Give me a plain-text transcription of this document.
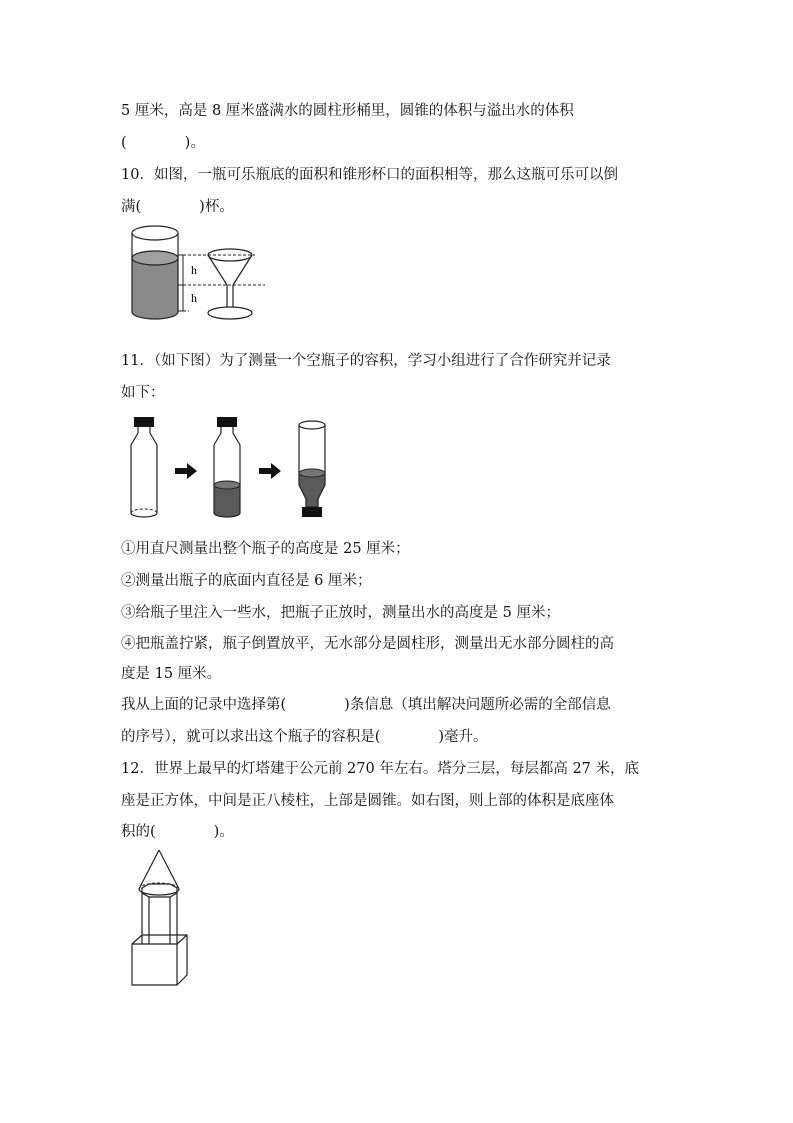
5 厘米，高是 8 厘米盛满水的圆柱形桶里，圆锥的体积与溢出水的体积
(　　　　)。
10．如图，一瓶可乐瓶底的面积和锥形杯口的面积相等，那么这瓶可乐可以倒
满(　　　　)杯。
h
h
11．（如下图）为了测量一个空瓶子的容积，学习小组进行了合作研究并记录
如下：
①用直尺测量出整个瓶子的高度是 25 厘米；
②测量出瓶子的底面内直径是 6 厘米；
③给瓶子里注入一些水，把瓶子正放时，测量出水的高度是 5 厘米；
④把瓶盖拧紧，瓶子倒置放平，无水部分是圆柱形，测量出无水部分圆柱的高
度是 15 厘米。
我从上面的记录中选择第(　　　　)条信息（填出解决问题所必需的全部信息
的序号），就可以求出这个瓶子的容积是(　　　　)毫升。
12．世界上最早的灯塔建于公元前 270 年左右。塔分三层，每层都高 27 米，底
座是正方体，中间是正八棱柱，上部是圆锥。如右图，则上部的体积是底座体
积的(　　　　)。
